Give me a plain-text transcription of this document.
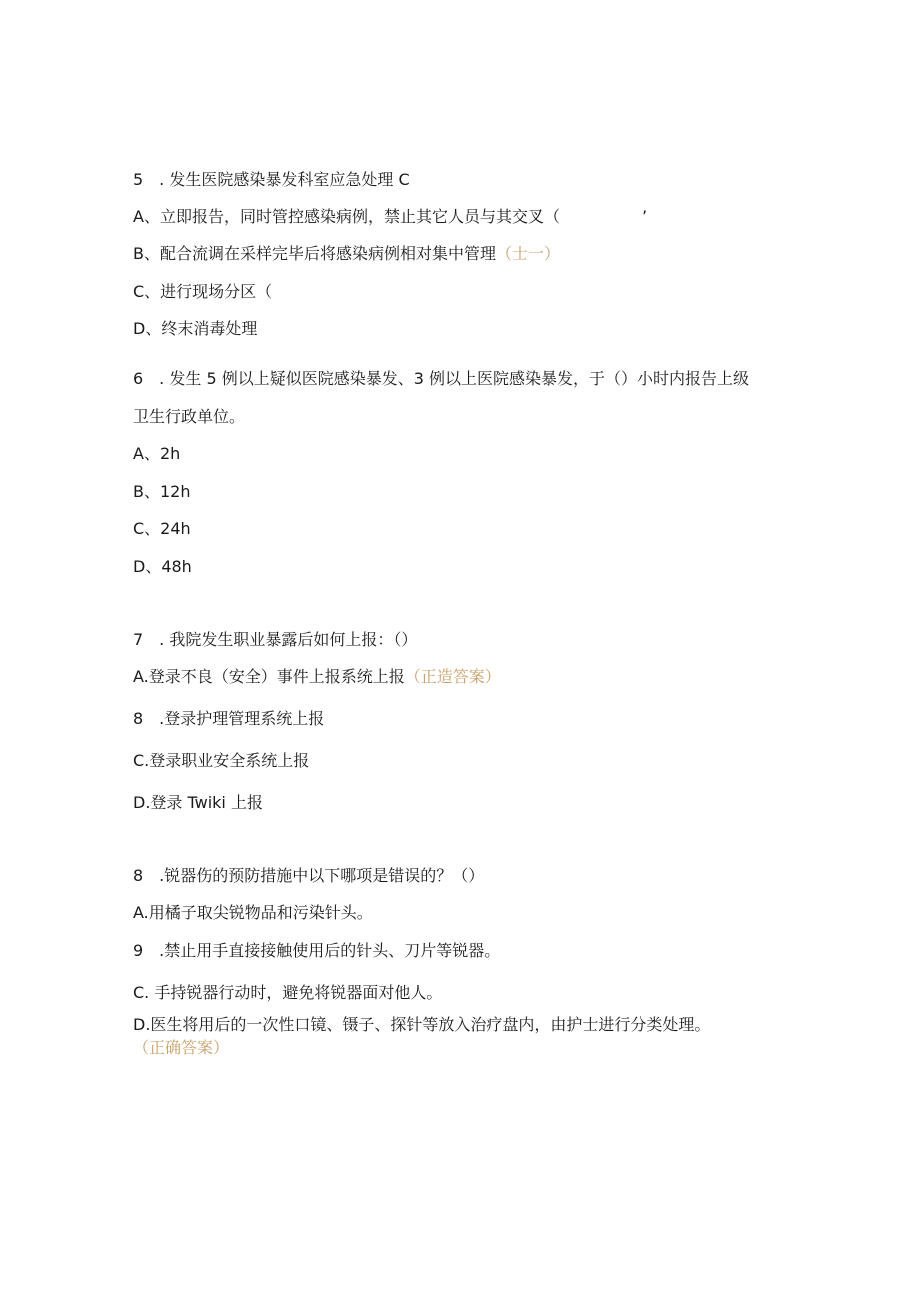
5　. 发生医院感染暴发科室应急处理 C
A、立即报告，同时管控感染病例，禁止其它人员与其交叉（	’
B、配合流调在采样完毕后将感染病例相对集中管理（士一）
C、进行现场分区（
D、终末消毒处理
6　. 发生 5 例以上疑似医院感染暴发、3 例以上医院感染暴发，于（）小时内报告上级
卫生行政单位。
A、2h
B、12h
C、24h
D、48h
7　. 我院发生职业暴露后如何上报：（）
A.登录不良（安全）事件上报系统上报（正造答案）
8　.登录护理管理系统上报
C.登录职业安全系统上报
D.登录 Twiki 上报
8　.锐器伤的预防措施中以下哪项是错误的？（）
A.用橘子取尖锐物品和污染针头。
9　.禁止用手直接接触使用后的针头、刀片等锐器。
C. 手持锐器行动时，避免将锐器面对他人。
D.医生将用后的一次性口镜、镊子、探针等放入治疗盘内，由护士进行分类处理。
（正确答案）
